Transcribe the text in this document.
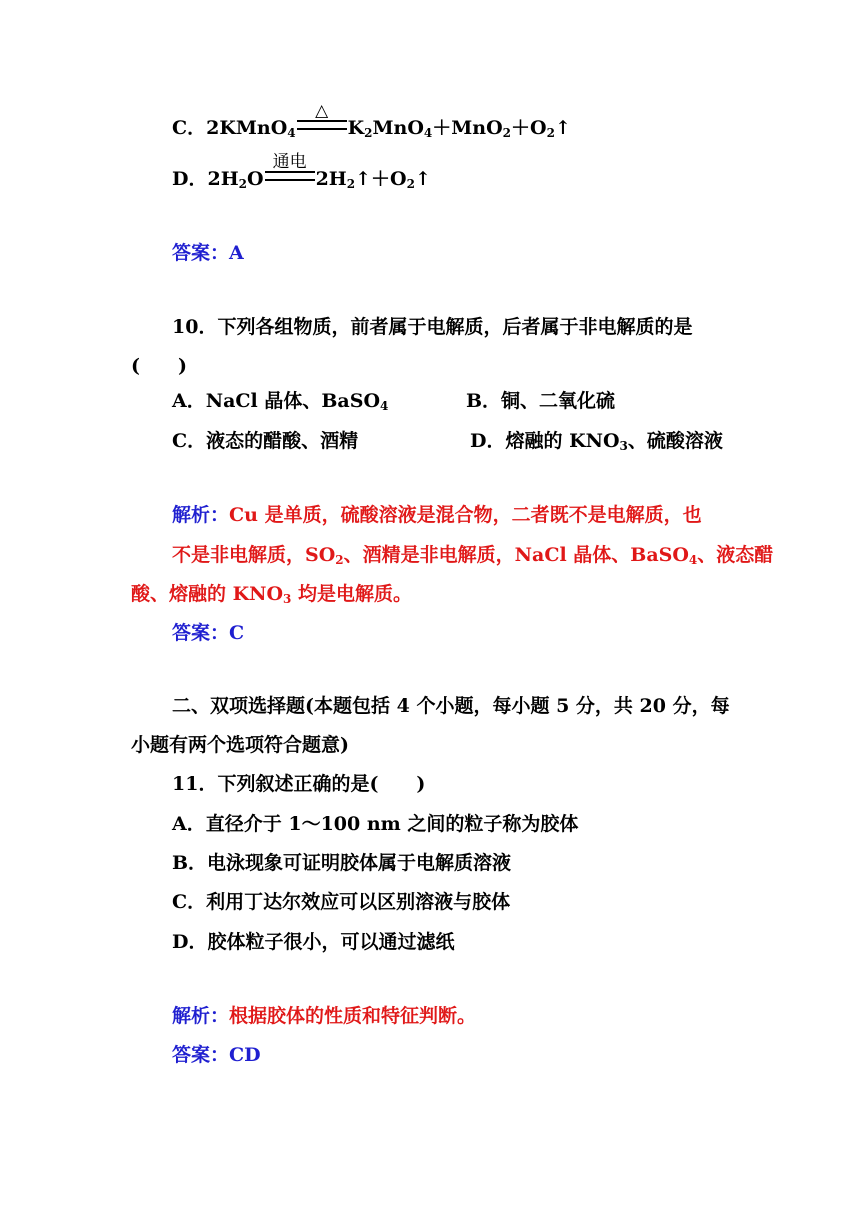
C．2KMnO$_4$
△
$K_2MnO_4+MnO_2+O_2↑$
D．$2H_2O$
通电
$2H_2↑+O_2↑$
答案：A
10．下列各组物质，前者属于电解质，后者属于非电解质的是
(　　)
A．NaCl 晶体、BaSO$_4$	B．铜、二氧化硫
C．液态的醋酸、酒精	D．熔融的 $KNO_3$、硫酸溶液
解析：Cu 是单质，硫酸溶液是混合物，二者既不是电解质，也
不是非电解质，$SO_2$、酒精是非电解质，NaCl 晶体、BaSO$_4$、液态醋
酸、熔融的 $KNO_3$ 均是电解质。
答案：C
二、双项选择题(本题包括 4 个小题，每小题 5 分，共 20 分，每
小题有两个选项符合题意)
11．下列叙述正确的是(　　)
A．直径介于 1～100 nm 之间的粒子称为胶体
B．电泳现象可证明胶体属于电解质溶液
C．利用丁达尔效应可以区别溶液与胶体
D．胶体粒子很小，可以通过滤纸
解析：根据胶体的性质和特征判断。
答案：CD
